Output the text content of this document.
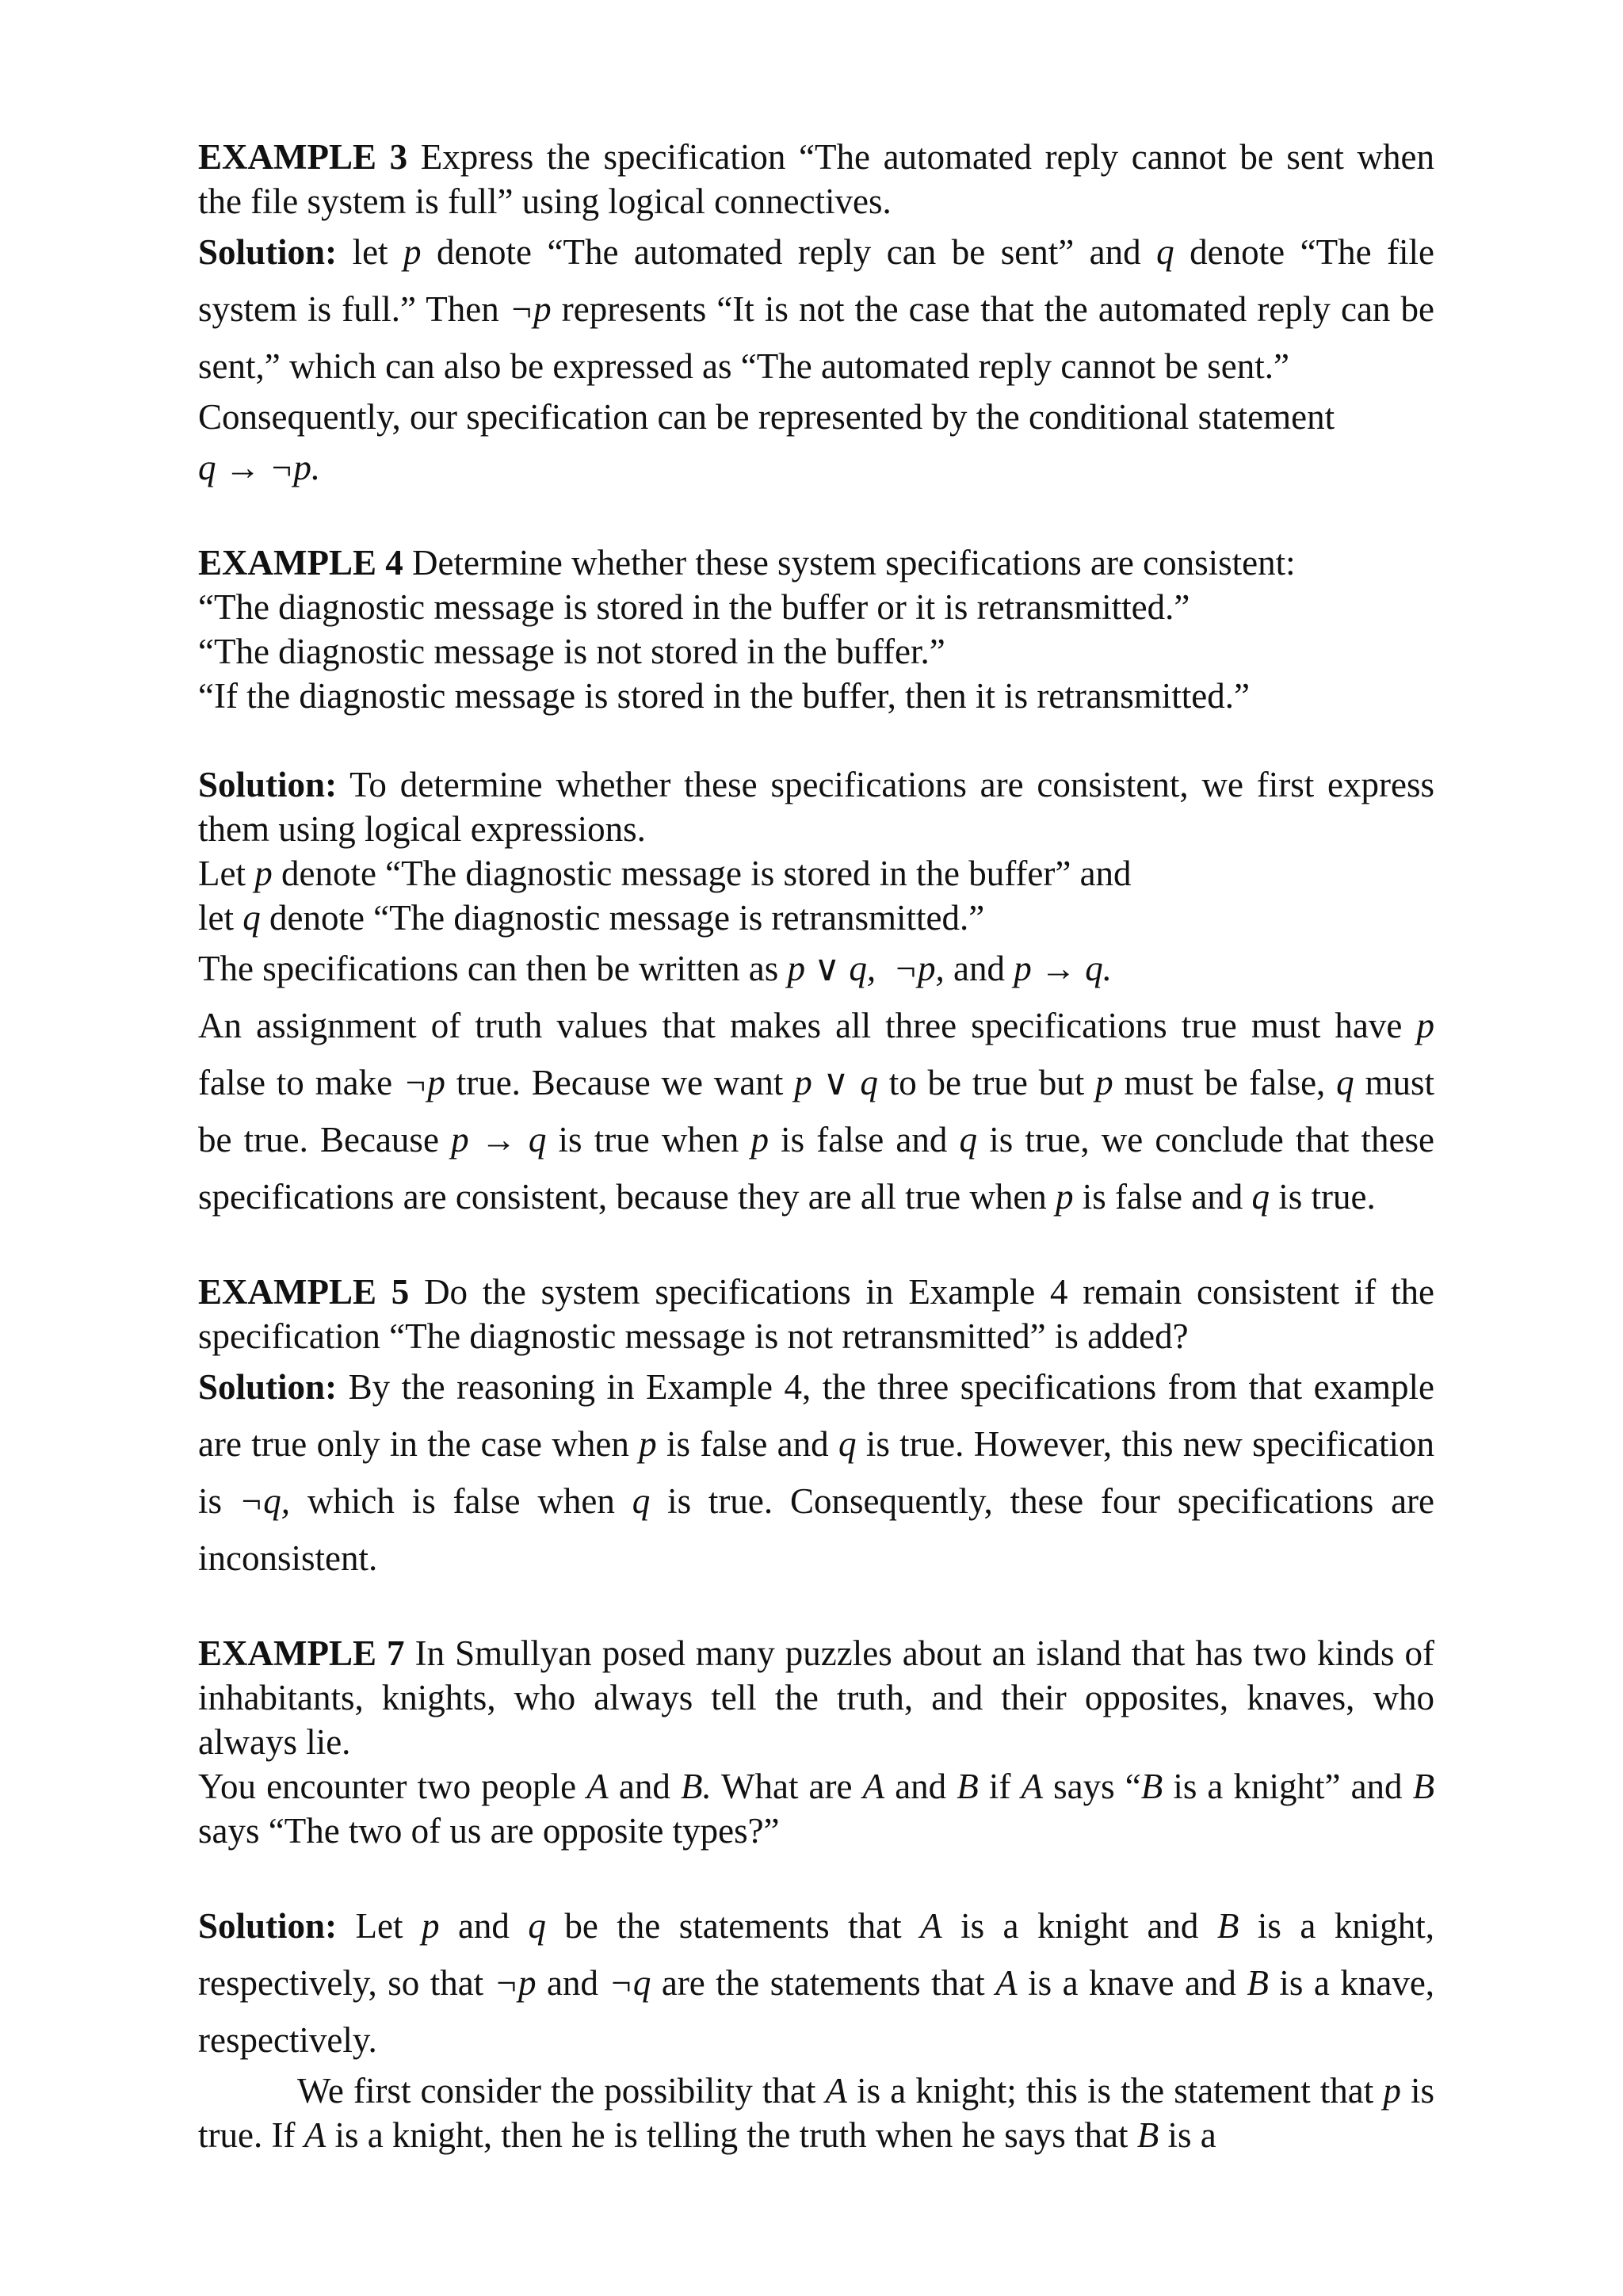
EXAMPLE 3 Express the specification “The automated reply cannot be sent when the file system is full” using logical connectives.

Solution: let p denote “The automated reply can be sent” and q denote “The file system is full.” Then ¬p represents “It is not the case that the automated reply can be sent,” which can also be expressed as “The automated reply cannot be sent.”

Consequently, our specification can be represented by the conditional statement

q → ¬p.

EXAMPLE 4 Determine whether these system specifications are consistent:

“The diagnostic message is stored in the buffer or it is retransmitted.”

“The diagnostic message is not stored in the buffer.”

“If the diagnostic message is stored in the buffer, then it is retransmitted.”

Solution: To determine whether these specifications are consistent, we first express them using logical expressions.

Let p denote “The diagnostic message is stored in the buffer” and

let q denote “The diagnostic message is retransmitted.”

The specifications can then be written as p ∨ q, ¬p, and p → q.

An assignment of truth values that makes all three specifications true must have p false to make ¬p true. Because we want p ∨ q to be true but p must be false, q must be true. Because p → q is true when p is false and q is true, we conclude that these specifications are consistent, because they are all true when p is false and q is true.

EXAMPLE 5 Do the system specifications in Example 4 remain consistent if the specification “The diagnostic message is not retransmitted” is added?

Solution: By the reasoning in Example 4, the three specifications from that example are true only in the case when p is false and q is true. However, this new specification is ¬q, which is false when q is true. Consequently, these four specifications are inconsistent.

EXAMPLE 7 In Smullyan posed many puzzles about an island that has two kinds of inhabitants, knights, who always tell the truth, and their opposites, knaves, who always lie.

You encounter two people A and B. What are A and B if A says “B is a knight” and B says “The two of us are opposite types?”

Solution: Let p and q be the statements that A is a knight and B is a knight, respectively, so that ¬p and ¬q are the statements that A is a knave and B is a knave, respectively.

We first consider the possibility that A is a knight; this is the statement that p is true. If A is a knight, then he is telling the truth when he says that B is a
